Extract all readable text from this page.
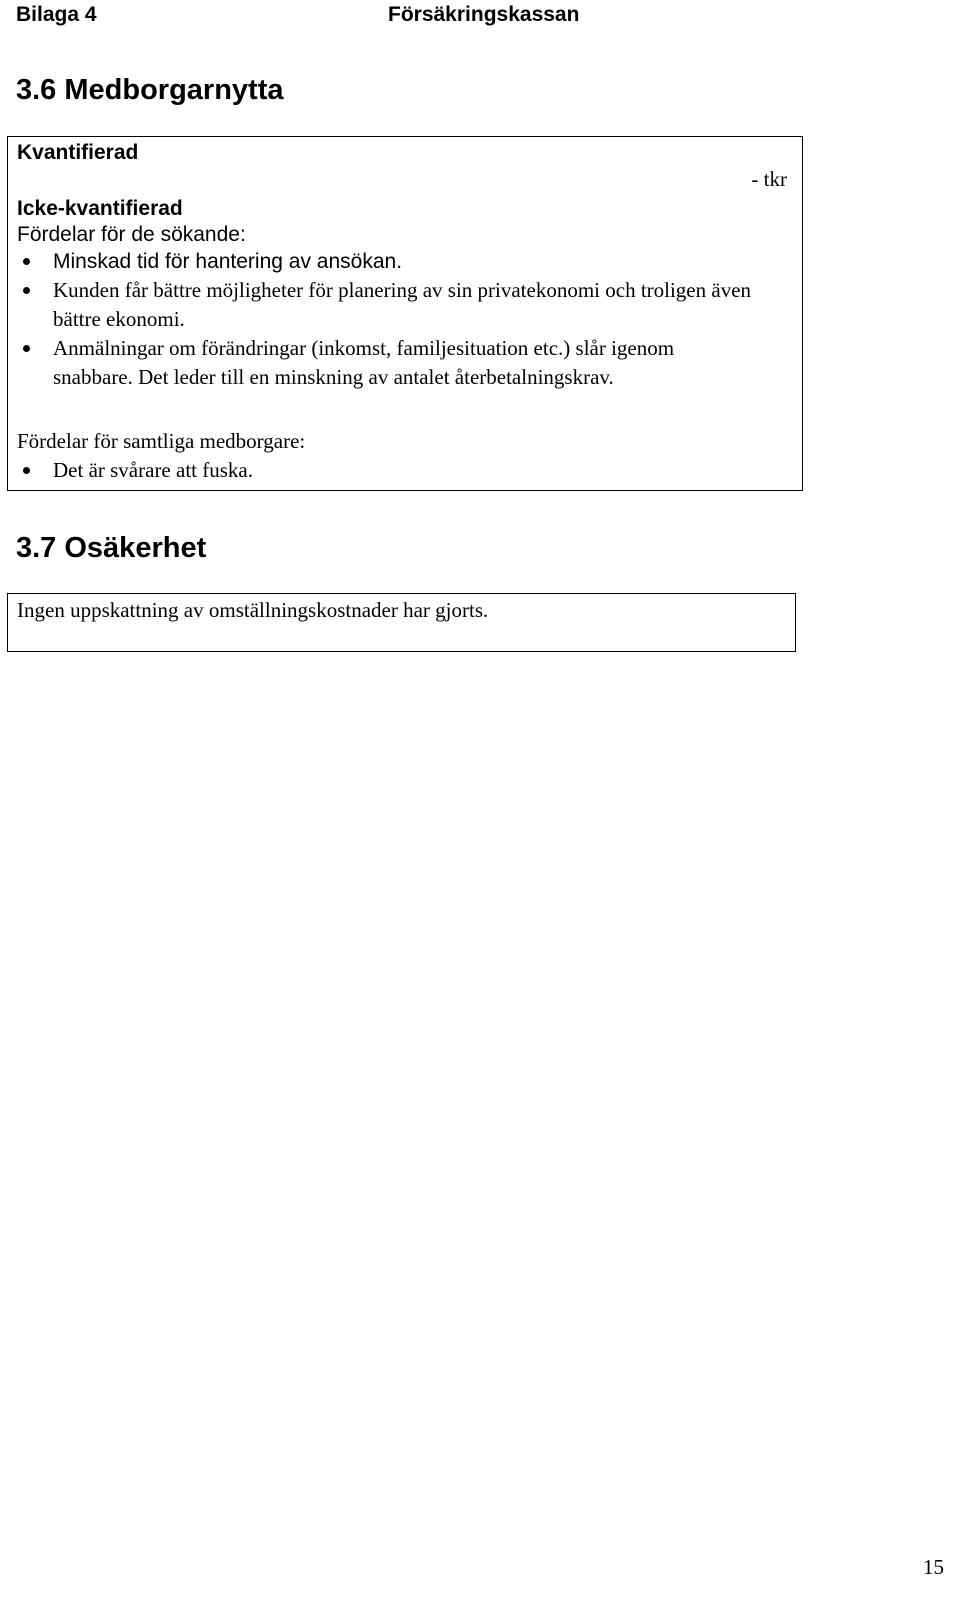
Bilaga 4	Försäkringskassan
3.6 Medborgarnytta
Kvantifierad
- tkr
Icke-kvantifierad
Fördelar för de sökande:
Minskad tid för hantering av ansökan.
Kunden får bättre möjligheter för planering av sin privatekonomi och troligen även bättre ekonomi.
Anmälningar om förändringar (inkomst, familjesituation etc.) slår igenom snabbare. Det leder till en minskning av antalet återbetalningskrav.
Fördelar för samtliga medborgare:
Det är svårare att fuska.
3.7 Osäkerhet
Ingen uppskattning av omställningskostnader har gjorts.
15
